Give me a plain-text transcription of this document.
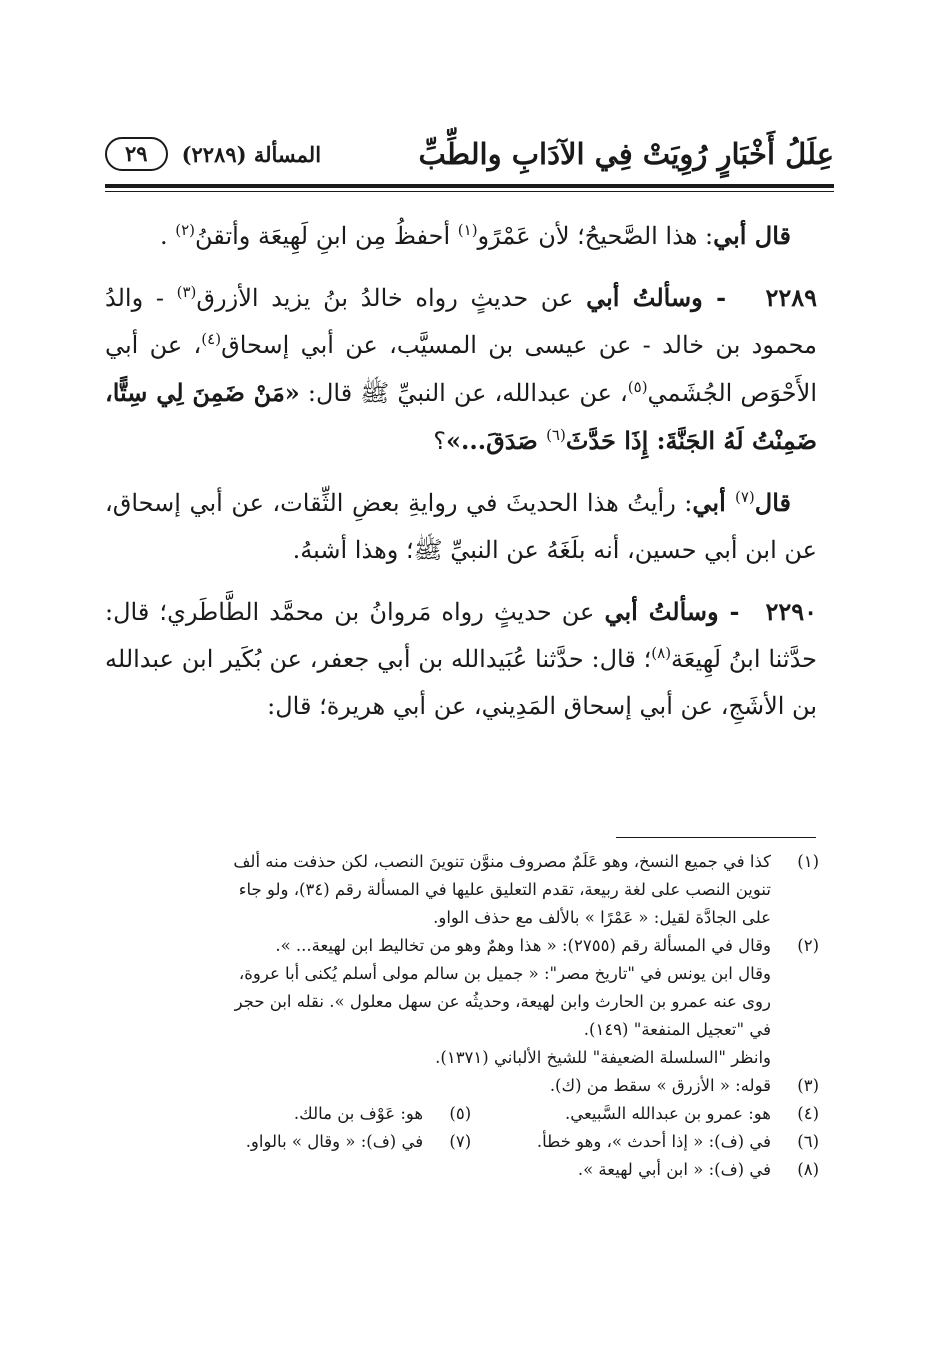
عِلَلُ أَخْبَارٍ رُوِيَتْ فِي الآدَابِ والطِّبِّ
المسألة (٢٢٨٩)
٢٩

قال أبي: هذا الصَّحيحُ؛ لأن عَمْرًو$^{(١)}$ أحفظُ مِن ابنِ لَهِيعَة وأتقنُ$^{(٢)}$ .

٢٢٨٩ - وسألتُ أبي عن حديثٍ رواه خالدُ بنُ يزيد الأزرق$^{(٣)}$ - والدُ محمود بن خالد - عن عيسى بن المسيَّب، عن أبي إسحاق$^{(٤)}$، عن أبي الأَحْوَص الجُشَمي$^{(٥)}$، عن عبدالله، عن النبيِّ ﷺ قال: «مَنْ ضَمِنَ لِي سِتًّا، ضَمِنْتُ لَهُ الجَنَّةَ: إِذَا حَدَّثَ$^{(٦)}$ صَدَقَ...»؟

قال$^{(٧)}$ أبي: رأيتُ هذا الحديثَ في روايةِ بعضِ الثِّقات، عن أبي إسحاق، عن ابن أبي حسين، أنه بلَغَهُ عن النبيِّ ﷺ؛ وهذا أشبهُ.

٢٢٩٠- وسألتُ أبي عن حديثٍ رواه مَروانُ بن محمَّد الطَّاطَري؛ قال: حدَّثنا ابنُ لَهِيعَة$^{(٨)}$؛ قال: حدَّثنا عُبَيدالله بن أبي جعفر، عن بُكَير ابن عبدالله بن الأشَجِ، عن أبي إسحاق المَدِيني، عن أبي هريرة؛ قال:

(١)
كذا في جميع النسخ، وهو عَلَمٌ مصروف منوَّن تنوينَ النصب، لكن حذفت منه ألف
تنوين النصب على لغة ربيعة، تقدم التعليق عليها في المسألة رقم (٣٤)، ولو جاء
على الجادَّة لقيل: « عَمْرًا » بالألف مع حذف الواو.
(٢)
وقال في المسألة رقم (٢٧٥٥): « هذا وهمٌ وهو من تخاليط ابن لهيعة... ».
وقال ابن يونس في "تاريخ مصر": « جميل بن سالم مولى أسلم يُكنى أبا عروة،
روى عنه عمرو بن الحارث وابن لهيعة، وحديثُه عن سهل معلول ». نقله ابن حجر
في "تعجيل المنفعة" (١٤٩).
وانظر "السلسلة الضعيفة" للشيخ الألباني (١٣٧١).
(٣)
قوله: « الأزرق » سقط من (ك).
(٤)
هو: عمرو بن عبدالله السَّبيعي.
(٥)
هو: عَوْف بن مالك.
(٦)
في (ف): « إذا أحدث »، وهو خطأ.
(٧)
في (ف): « وقال » بالواو.
(٨)
في (ف): « ابن أبي لهيعة ».
